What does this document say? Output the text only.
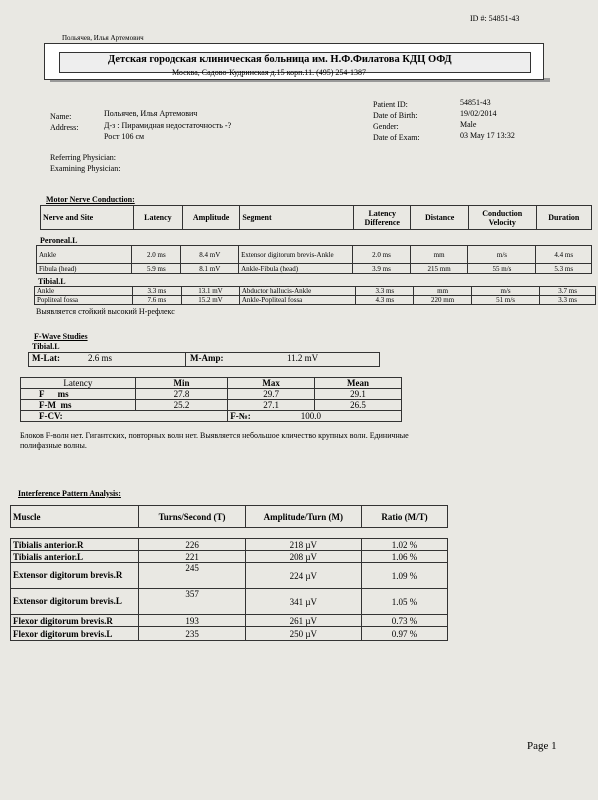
ID #: 54851-43
Польячев, Илья Артемович
Детская городская клиническая больница им. Н.Ф.Филатова КДЦ ОФД
Москва, Садово-Кудринская д.15 корп.11. (495) 254-1387
Name:	Польячев, Илья Артемович
Address:	Д-з : Пирамидная недостаточность -?
Рост 106 см
Patient ID:	54851-43
Date of Birth:	19/02/2014
Gender:	Male
Date of Exam:	03 May 17 13:32
Referring Physician:
Examining Physician:
Motor Nerve Conduction:
Nerve and Site	Latency	Amplitude	Segment	Latency Difference	Distance	Conduction Velocity	Duration
Peroneal.L
Ankle	2.0 ms	8.4 mV	Extensor digitorum brevis-Ankle	2.0 ms	mm	m/s	4.4 ms
Fibula (head)	5.9 ms	8.1 mV	Ankle-Fibula (head)	3.9 ms	215 mm	55 m/s	5.3 ms
Tibial.L
Ankle	3.3 ms	13.1 mV	Abductor hallucis-Ankle	3.3 ms	mm	m/s	3.7 ms
Popliteal fossa	7.6 ms	15.2 mV	Ankle-Popliteal fossa	4.3 ms	220 mm	51 m/s	3.3 ms
Выявляется стойкий высокий Н-рефлекс
F-Wave Studies
Tibial.L
M-Lat:	2.6 ms	M-Amp:	11.2 mV
Latency	Min	Max	Mean
F      ms	27.8	29.7	29.1
F-M  ms	25.2	27.1	26.5
F-CV:		F-№: 100.0	
Блоков F-волн нет. Гигантских, повторных волн нет. Выявляется небольшое кличество крупных волн. Единичные
полифазные волны.
Interference Pattern Analysis:
Muscle	Turns/Second (T)	Amplitude/Turn (M)	Ratio (M/T)

Tibialis anterior.R	226	218 µV	1.02 %
Tibialis anterior.L	221	208 µV	1.06 %
Extensor digitorum brevis.R	245	224 µV	1.09 %
Extensor digitorum brevis.L	357	341 µV	1.05 %
Flexor digitorum brevis.R	193	261 µV	0.73 %
Flexor digitorum brevis.L	235	250 µV	0.97 %
Page 1
